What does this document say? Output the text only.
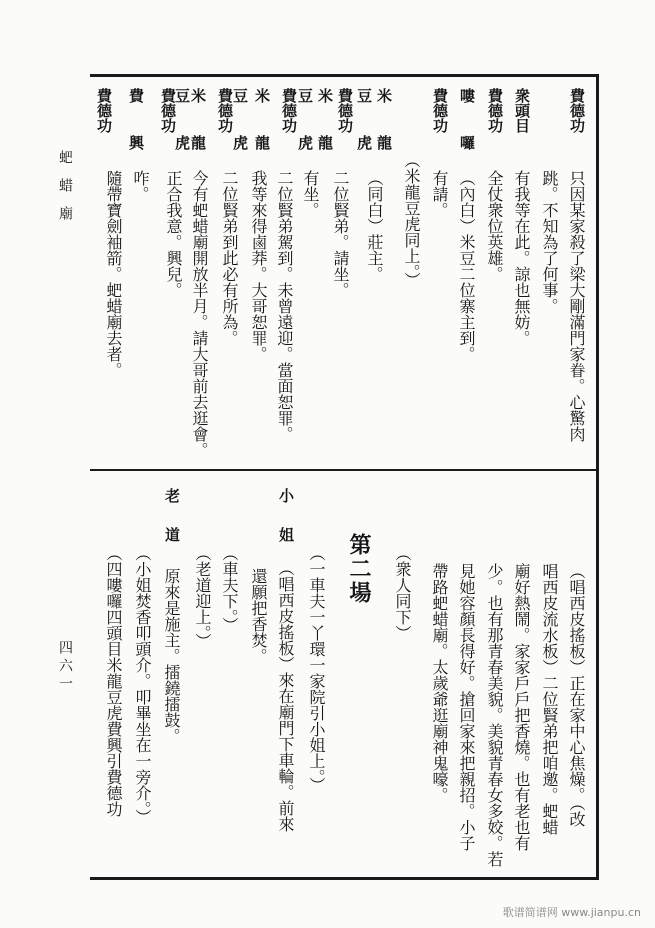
蚆蜡廟
四六一
費德功
只因某家殺了梁大剛滿門家眷。心驚肉
跳。不知為了何事。
衆頭目
有我等在此。諒也無妨。
費德功
全仗衆位英雄。
嘍囉
（內白）米豆二位寨主到。
費德功
有請。
（米龍豆虎同上。）
米龍
豆虎
（同白）莊主。
費德功
二位賢弟。請坐。
米龍
豆虎
有坐。
費德功
二位賢弟駕到。未曾遠迎。當面恕罪。
米龍
豆虎
我等來得鹵莽。大哥恕罪。
費德功
二位賢弟到此必有所為。
米龍
豆虎
今有蚆蜡廟開放半月。請大哥前去逛會。
費德功
正合我意。興兒。
費興
咋。
費德功
隨帶寶劍袖箭。蚆蜡廟去者。
（唱西皮搖板）正在家中心焦燥。（改
唱西皮流水板）二位賢弟把咱邀。蚆蜡
廟好熱鬧。家家戶戶把香燒。也有老也有
少。也有那青春美貌。美貌青春女多姣。若
見她容顏長得好。搶回家來把親招。小子
帶路蚆蜡廟。太歲爺逛廟神鬼嚎。
（衆人同下）
第二場
（一車夫一丫環一家院引小姐上。）
小姐
（唱西皮搖板）來在廟門下車輪。前來
還願把香焚。
（車夫下。）
（老道迎上。）
老道
原來是施主。擂鐃擂鼓。
（小姐焚香叩頭介。叩畢坐在一旁介。）
（四嘍囉四頭目米龍豆虎費興引費德功
歌谱简谱网 www.jianpu.cn
